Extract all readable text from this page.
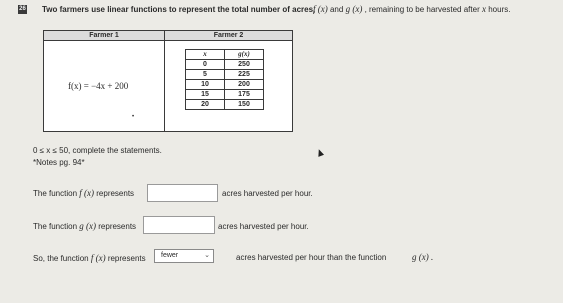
26 Two farmers use linear functions to represent the total number of acres,
f (x) and g (x) , remaining to be harvested after x hours.
Farmer 1	Farmer 2
f(x) = −4x + 200
•
x	g(x)
0	250
5	225
10	200
15	175
20	150
0 ≤ x ≤ 50, complete the statements.
*Notes pg. 94*
The function f (x) represents	acres harvested per hour.
The function g (x) represents	acres harvested per hour.
So, the function f (x) represents	fewer	⌄	acres harvested per hour than the function	g (x) .
